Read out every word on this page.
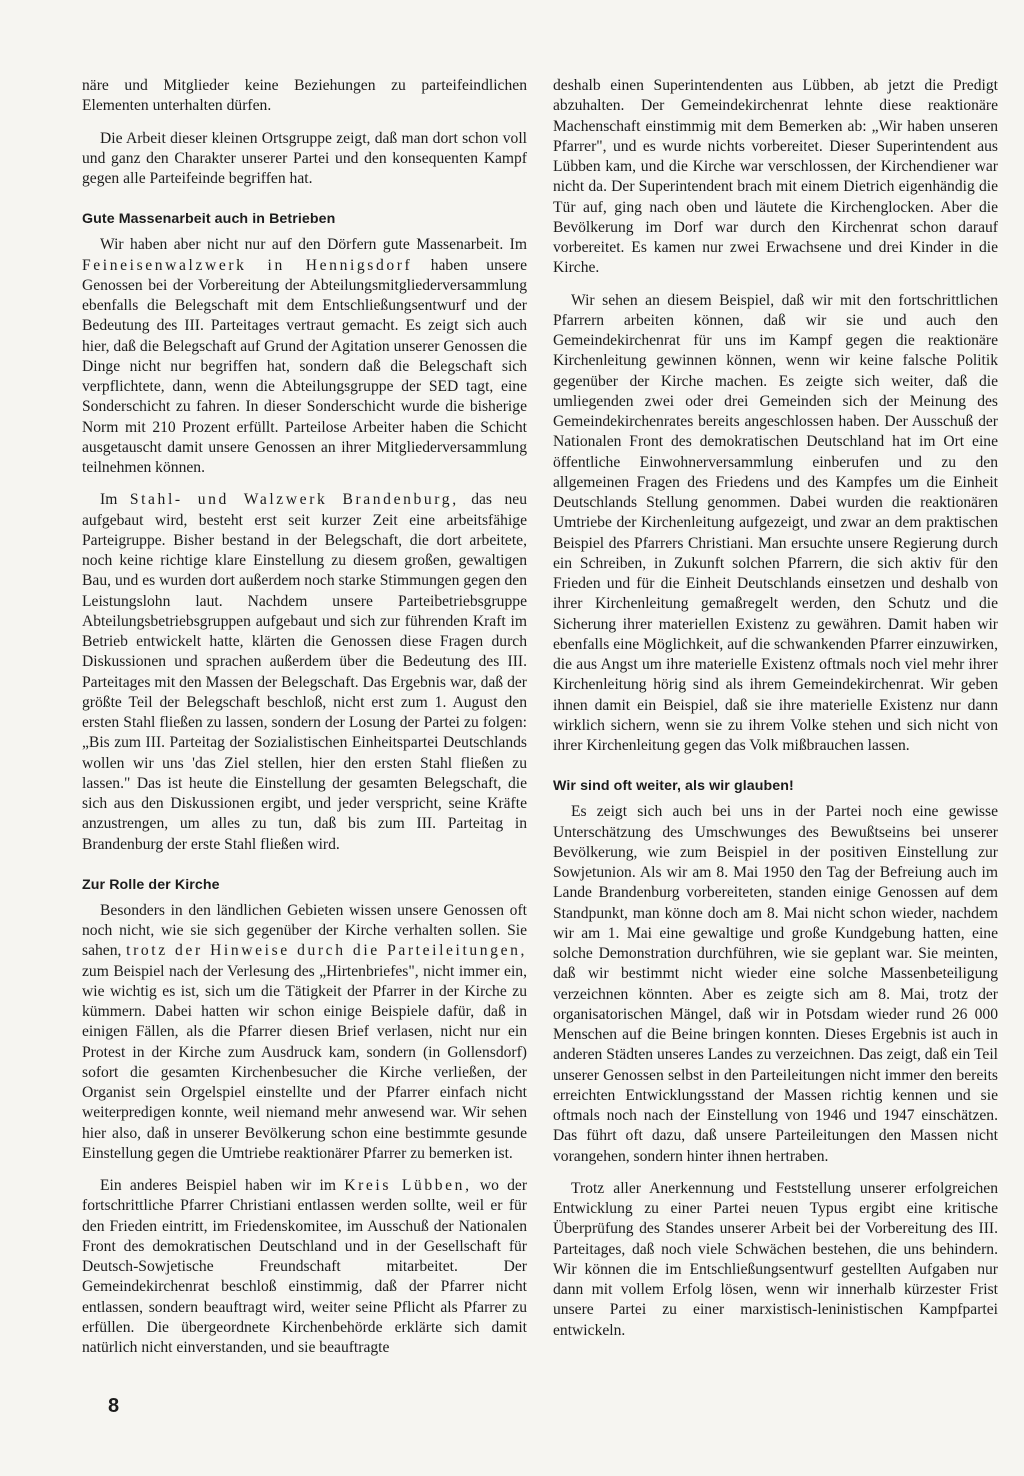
näre und Mitglieder keine Beziehungen zu parteifeindlichen Elementen unterhalten dürfen.

Die Arbeit dieser kleinen Ortsgruppe zeigt, daß man dort schon voll und ganz den Charakter unserer Partei und den konsequenten Kampf gegen alle Parteifeinde begriffen hat.

Gute Massenarbeit auch in Betrieben

Wir haben aber nicht nur auf den Dörfern gute Massenarbeit. Im Feineisenwalzwerk in Hennigsdorf haben unsere Genossen bei der Vorbereitung der Abteilungsmitgliederversammlung ebenfalls die Belegschaft mit dem Entschließungsentwurf und der Bedeutung des III. Parteitages vertraut gemacht. Es zeigt sich auch hier, daß die Belegschaft auf Grund der Agitation unserer Genossen die Dinge nicht nur begriffen hat, sondern daß die Belegschaft sich verpflichtete, dann, wenn die Abteilungsgruppe der SED tagt, eine Sonderschicht zu fahren. In dieser Sonderschicht wurde die bisherige Norm mit 210 Prozent erfüllt. Parteilose Arbeiter haben die Schicht ausgetauscht damit unsere Genossen an ihrer Mitgliederversammlung teilnehmen können.

Im Stahl- und Walzwerk Brandenburg, das neu aufgebaut wird, besteht erst seit kurzer Zeit eine arbeitsfähige Parteigruppe. Bisher bestand in der Belegschaft, die dort arbeitete, noch keine richtige klare Einstellung zu diesem großen, gewaltigen Bau, und es wurden dort außerdem noch starke Stimmungen gegen den Leistungslohn laut. Nachdem unsere Parteibetriebsgruppe Abteilungsbetriebsgruppen aufgebaut und sich zur führenden Kraft im Betrieb entwickelt hatte, klärten die Genossen diese Fragen durch Diskussionen und sprachen außerdem über die Bedeutung des III. Parteitages mit den Massen der Belegschaft. Das Ergebnis war, daß der größte Teil der Belegschaft beschloß, nicht erst zum 1. August den ersten Stahl fließen zu lassen, sondern der Losung der Partei zu folgen: „Bis zum III. Parteitag der Sozialistischen Einheitspartei Deutschlands wollen wir uns 'das Ziel stellen, hier den ersten Stahl fließen zu lassen." Das ist heute die Einstellung der gesamten Belegschaft, die sich aus den Diskussionen ergibt, und jeder verspricht, seine Kräfte anzustrengen, um alles zu tun, daß bis zum III. Parteitag in Brandenburg der erste Stahl fließen wird.

Zur Rolle der Kirche

Besonders in den ländlichen Gebieten wissen unsere Genossen oft noch nicht, wie sie sich gegenüber der Kirche verhalten sollen. Sie sahen, trotz der Hinweise durch die Parteileitungen, zum Beispiel nach der Verlesung des „Hirtenbriefes", nicht immer ein, wie wichtig es ist, sich um die Tätigkeit der Pfarrer in der Kirche zu kümmern. Dabei hatten wir schon einige Beispiele dafür, daß in einigen Fällen, als die Pfarrer diesen Brief verlasen, nicht nur ein Protest in der Kirche zum Ausdruck kam, sondern (in Gollensdorf) sofort die gesamten Kirchenbesucher die Kirche verließen, der Organist sein Orgelspiel einstellte und der Pfarrer einfach nicht weiterpredigen konnte, weil niemand mehr anwesend war. Wir sehen hier also, daß in unserer Bevölkerung schon eine bestimmte gesunde Einstellung gegen die Umtriebe reaktionärer Pfarrer zu bemerken ist.

Ein anderes Beispiel haben wir im Kreis Lübben, wo der fortschrittliche Pfarrer Christiani entlassen werden sollte, weil er für den Frieden eintritt, im Friedenskomitee, im Ausschuß der Nationalen Front des demokratischen Deutschland und in der Gesellschaft für Deutsch-Sowjetische Freundschaft mitarbeitet. Der Gemeindekirchenrat beschloß einstimmig, daß der Pfarrer nicht entlassen, sondern beauftragt wird, weiter seine Pflicht als Pfarrer zu erfüllen. Die übergeordnete Kirchenbehörde erklärte sich damit natürlich nicht einverstanden, und sie beauftragte

deshalb einen Superintendenten aus Lübben, ab jetzt die Predigt abzuhalten. Der Gemeindekirchenrat lehnte diese reaktionäre Machenschaft einstimmig mit dem Bemerken ab: „Wir haben unseren Pfarrer", und es wurde nichts vorbereitet. Dieser Superintendent aus Lübben kam, und die Kirche war verschlossen, der Kirchendiener war nicht da. Der Superintendent brach mit einem Dietrich eigenhändig die Tür auf, ging nach oben und läutete die Kirchenglocken. Aber die Bevölkerung im Dorf war durch den Kirchenrat schon darauf vorbereitet. Es kamen nur zwei Erwachsene und drei Kinder in die Kirche.

Wir sehen an diesem Beispiel, daß wir mit den fortschrittlichen Pfarrern arbeiten können, daß wir sie und auch den Gemeindekirchenrat für uns im Kampf gegen die reaktionäre Kirchenleitung gewinnen können, wenn wir keine falsche Politik gegenüber der Kirche machen. Es zeigte sich weiter, daß die umliegenden zwei oder drei Gemeinden sich der Meinung des Gemeindekirchenrates bereits angeschlossen haben. Der Ausschuß der Nationalen Front des demokratischen Deutschland hat im Ort eine öffentliche Einwohnerversammlung einberufen und zu den allgemeinen Fragen des Friedens und des Kampfes um die Einheit Deutschlands Stellung genommen. Dabei wurden die reaktionären Umtriebe der Kirchenleitung aufgezeigt, und zwar an dem praktischen Beispiel des Pfarrers Christiani. Man ersuchte unsere Regierung durch ein Schreiben, in Zukunft solchen Pfarrern, die sich aktiv für den Frieden und für die Einheit Deutschlands einsetzen und deshalb von ihrer Kirchenleitung gemaßregelt werden, den Schutz und die Sicherung ihrer materiellen Existenz zu gewähren. Damit haben wir ebenfalls eine Möglichkeit, auf die schwankenden Pfarrer einzuwirken, die aus Angst um ihre materielle Existenz oftmals noch viel mehr ihrer Kirchenleitung hörig sind als ihrem Gemeindekirchenrat. Wir geben ihnen damit ein Beispiel, daß sie ihre materielle Existenz nur dann wirklich sichern, wenn sie zu ihrem Volke stehen und sich nicht von ihrer Kirchenleitung gegen das Volk mißbrauchen lassen.

Wir sind oft weiter, als wir glauben!

Es zeigt sich auch bei uns in der Partei noch eine gewisse Unterschätzung des Umschwunges des Bewußtseins bei unserer Bevölkerung, wie zum Beispiel in der positiven Einstellung zur Sowjetunion. Als wir am 8. Mai 1950 den Tag der Befreiung auch im Lande Brandenburg vorbereiteten, standen einige Genossen auf dem Standpunkt, man könne doch am 8. Mai nicht schon wieder, nachdem wir am 1. Mai eine gewaltige und große Kundgebung hatten, eine solche Demonstration durchführen, wie sie geplant war. Sie meinten, daß wir bestimmt nicht wieder eine solche Massenbeteiligung verzeichnen könnten. Aber es zeigte sich am 8. Mai, trotz der organisatorischen Mängel, daß wir in Potsdam wieder rund 26 000 Menschen auf die Beine bringen konnten. Dieses Ergebnis ist auch in anderen Städten unseres Landes zu verzeichnen. Das zeigt, daß ein Teil unserer Genossen selbst in den Parteileitungen nicht immer den bereits erreichten Entwicklungsstand der Massen richtig kennen und sie oftmals noch nach der Einstellung von 1946 und 1947 einschätzen. Das führt oft dazu, daß unsere Parteileitungen den Massen nicht vorangehen, sondern hinter ihnen hertraben.

Trotz aller Anerkennung und Feststellung unserer erfolgreichen Entwicklung zu einer Partei neuen Typus ergibt eine kritische Überprüfung des Standes unserer Arbeit bei der Vorbereitung des III. Parteitages, daß noch viele Schwächen bestehen, die uns behindern. Wir können die im Entschließungsentwurf gestellten Aufgaben nur dann mit vollem Erfolg lösen, wenn wir innerhalb kürzester Frist unsere Partei zu einer marxistisch-leninistischen Kampfpartei entwickeln.

8
